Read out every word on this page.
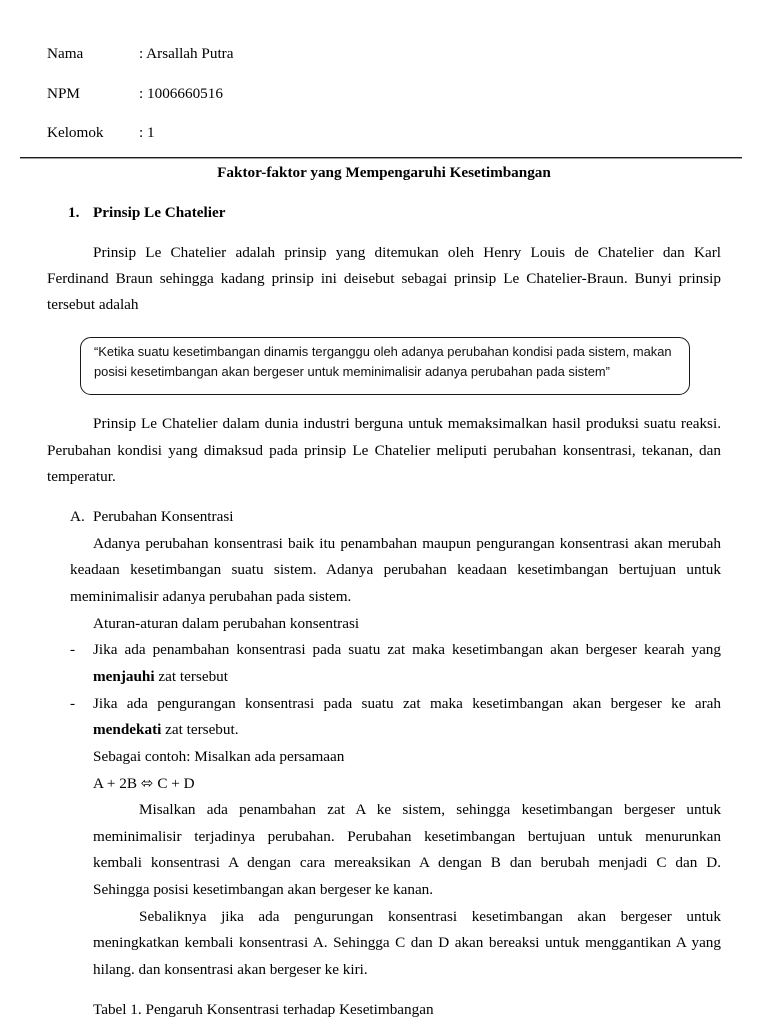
Nama	: Arsallah Putra
NPM	: 1006660516
Kelomok : 1
Faktor-faktor yang Mempengaruhi Kesetimbangan
1. Prinsip Le Chatelier
Prinsip Le Chatelier adalah prinsip yang ditemukan oleh Henry Louis de Chatelier dan Karl
Ferdinand Braun sehingga kadang prinsip ini deisebut sebagai prinsip Le Chatelier-Braun. Bunyi prinsip
tersebut adalah
“Ketika suatu kesetimbangan dinamis terganggu oleh adanya perubahan kondisi pada sistem, makan
posisi kesetimbangan akan bergeser untuk meminimalisir adanya perubahan pada sistem”
Prinsip Le Chatelier dalam dunia industri berguna untuk memaksimalkan hasil produksi suatu reaksi.
Perubahan kondisi yang dimaksud pada prinsip Le Chatelier meliputi perubahan konsentrasi, tekanan, dan
temperatur.
A. Perubahan Konsentrasi
Adanya perubahan konsentrasi baik itu penambahan maupun pengurangan konsentrasi akan merubah
keadaan kesetimbangan suatu sistem. Adanya perubahan keadaan kesetimbangan bertujuan untuk
meminimalisir adanya perubahan pada sistem.
Aturan-aturan dalam perubahan konsentrasi
- Jika ada penambahan konsentrasi pada suatu zat maka kesetimbangan akan bergeser kearah yang
menjauhi zat tersebut
- Jika ada pengurangan konsentrasi pada suatu zat maka kesetimbangan akan bergeser ke arah
mendekati zat tersebut.
Sebagai contoh: Misalkan ada persamaan
A + 2B ⬄ C + D
Misalkan ada penambahan zat A ke sistem, sehingga kesetimbangan bergeser untuk
meminimalisir terjadinya perubahan. Perubahan kesetimbangan bertujuan untuk menurunkan
kembali konsentrasi A dengan cara mereaksikan A dengan B dan berubah menjadi C dan D.
Sehingga posisi kesetimbangan akan bergeser ke kanan.
Sebaliknya jika ada pengurungan konsentrasi kesetimbangan akan bergeser untuk
meningkatkan kembali konsentrasi A. Sehingga C dan D akan bereaksi untuk menggantikan A yang
hilang. dan konsentrasi akan bergeser ke kiri.
Tabel 1. Pengaruh Konsentrasi terhadap Kesetimbangan
